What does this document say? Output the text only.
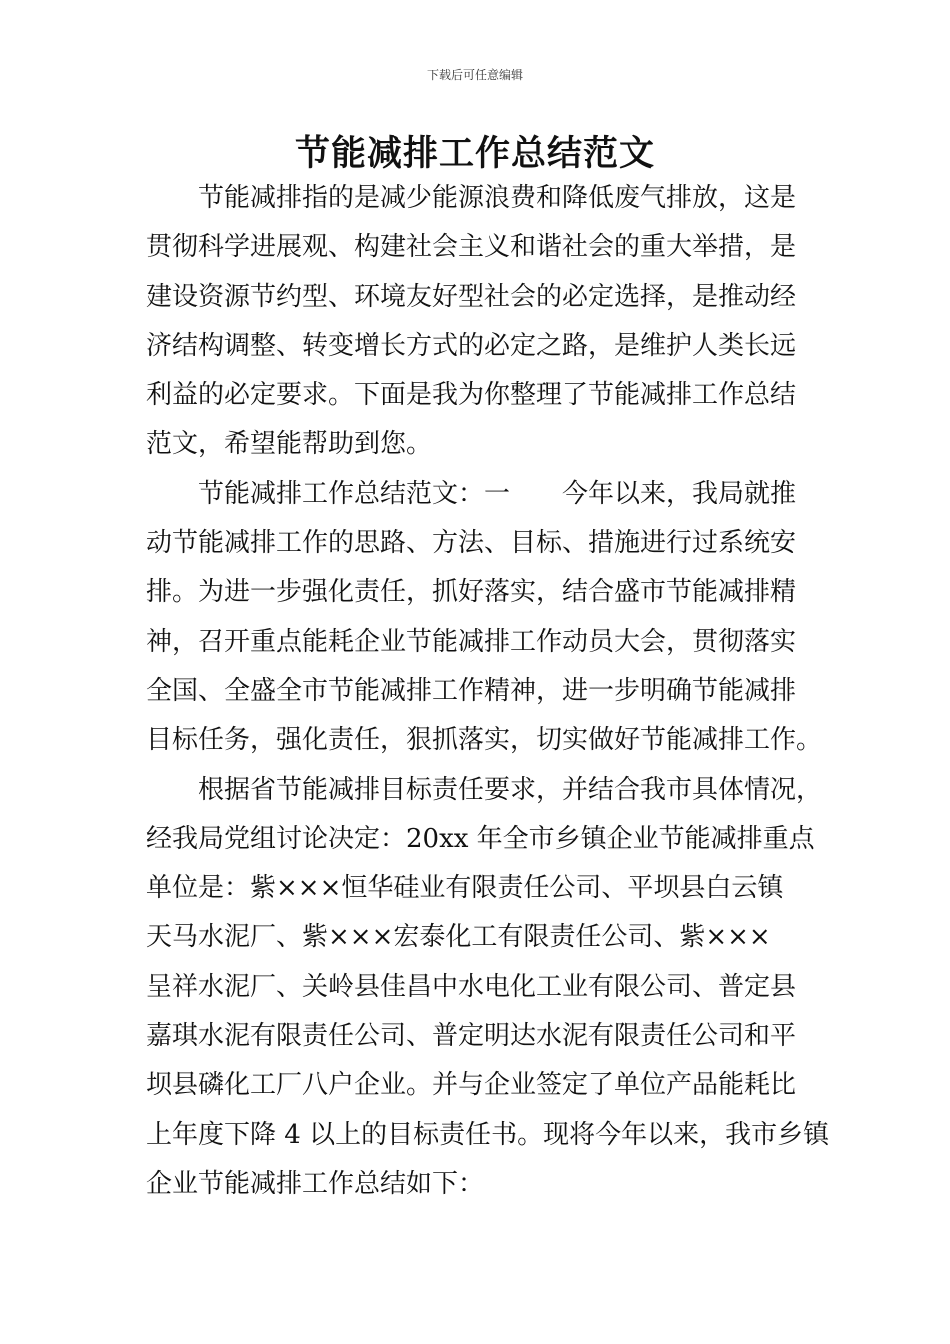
下载后可任意编辑
节能减排工作总结范文

　　节能减排指的是减少能源浪费和降低废气排放，这是
贯彻科学进展观、构建社会主义和谐社会的重大举措，是
建设资源节约型、环境友好型社会的必定选择，是推动经
济结构调整、转变增长方式的必定之路，是维护人类长远
利益的必定要求。下面是我为你整理了节能减排工作总结
范文，希望能帮助到您。

　　节能减排工作总结范文：一　　今年以来，我局就推
动节能减排工作的思路、方法、目标、措施进行过系统安
排。为进一步强化责任，抓好落实，结合盛市节能减排精
神，召开重点能耗企业节能减排工作动员大会，贯彻落实
全国、全盛全市节能减排工作精神，进一步明确节能减排
目标任务，强化责任，狠抓落实，切实做好节能减排工作。

　　根据省节能减排目标责任要求，并结合我市具体情况，
经我局党组讨论决定：20xx 年全市乡镇企业节能减排重点
单位是：紫×××恒华硅业有限责任公司、平坝县白云镇
天马水泥厂、紫×××宏泰化工有限责任公司、紫×××
呈祥水泥厂、关岭县佳昌中水电化工业有限公司、普定县
嘉琪水泥有限责任公司、普定明达水泥有限责任公司和平
坝县磷化工厂八户企业。并与企业签定了单位产品能耗比
上年度下降 4 以上的目标责任书。现将今年以来，我市乡镇
企业节能减排工作总结如下：
